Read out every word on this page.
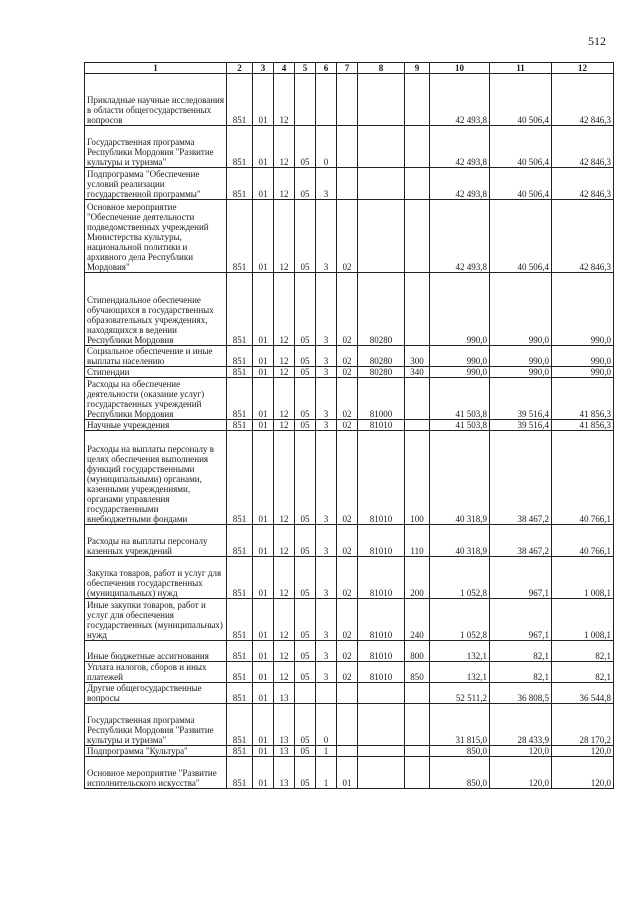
512
1	2	3	4	5	6	7	8	9	10	11	12
Прикладные научные исследования в области общегосударственных вопросов	851	01	12						42 493,8	40 506,4	42 846,3
Государственная программа Республики Мордовия "Развитие культуры и туризма"	851	01	12	05	0				42 493,8	40 506,4	42 846,3
Подпрограмма "Обеспечение условий реализации государственной программы"	851	01	12	05	3				42 493,8	40 506,4	42 846,3
Основное мероприятие "Обеспечение деятельности подведомственных учреждений Министерства культуры, национальной политики и архивного дела Республики Мордовия"	851	01	12	05	3	02			42 493,8	40 506,4	42 846,3
Стипендиальное обеспечение обучающихся в государственных образовательных учреждениях, находящихся в ведении Республики Мордовия	851	01	12	05	3	02	80280		990,0	990,0	990,0
Социальное обеспечение и иные выплаты населению	851	01	12	05	3	02	80280	300	990,0	990,0	990,0
Стипендии	851	01	12	05	3	02	80280	340	990,0	990,0	990,0
Расходы на обеспечение деятельности (оказание услуг) государственных учреждений Республики Мордовия	851	01	12	05	3	02	81000		41 503,8	39 516,4	41 856,3
Научные учреждения	851	01	12	05	3	02	81010		41 503,8	39 516,4	41 856,3
Расходы на выплаты персоналу в целях обеспечения выполнения функций государственными (муниципальными) органами, казенными учреждениями, органами управления государственными внебюджетными фондами	851	01	12	05	3	02	81010	100	40 318,9	38 467,2	40 766,1
Расходы на выплаты персоналу казенных учреждений	851	01	12	05	3	02	81010	110	40 318,9	38 467,2	40 766,1
Закупка товаров, работ и услуг для обеспечения государственных (муниципальных) нужд	851	01	12	05	3	02	81010	200	1 052,8	967,1	1 008,1
Иные закупки товаров, работ и услуг для обеспечения государственных (муниципальных) нужд	851	01	12	05	3	02	81010	240	1 052,8	967,1	1 008,1
Иные бюджетные ассигнования	851	01	12	05	3	02	81010	800	132,1	82,1	82,1
Уплата налогов, сборов и иных платежей	851	01	12	05	3	02	81010	850	132,1	82,1	82,1
Другие общегосударственные вопросы	851	01	13						52 511,2	36 808,5	36 544,8
Государственная программа Республики Мордовия "Развитие культуры и туризма"	851	01	13	05	0				31 815,0	28 433,9	28 170,2
Подпрограмма "Культура"	851	01	13	05	1				850,0	120,0	120,0
Основное мероприятие "Развитие исполнительского искусства"	851	01	13	05	1	01			850,0	120,0	120,0
